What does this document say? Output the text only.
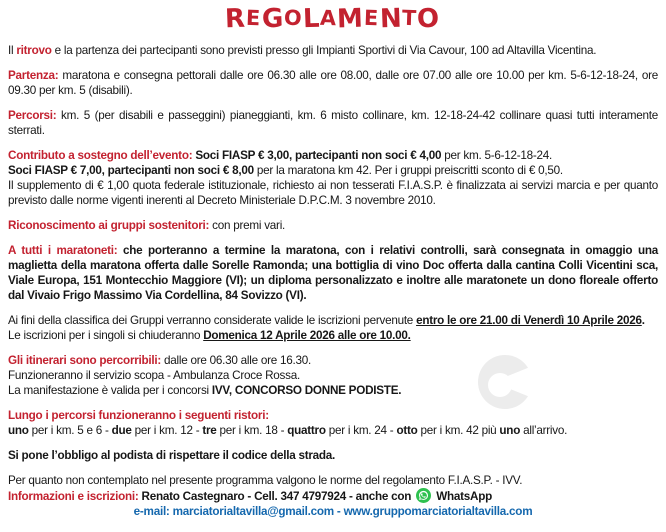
REGOLAMENTO

Il ritrovo e la partenza dei partecipanti sono previsti presso gli Impianti Sportivi di Via Cavour, 100 ad Altavilla Vicentina.

Partenza: maratona e consegna pettorali dalle ore 06.30 alle ore 08.00, dalle ore 07.00 alle ore 10.00 per km. 5-6-12-18-24, ore 09.30 per km. 5 (disabili).

Percorsi: km. 5 (per disabili e passeggini) pianeggianti, km. 6 misto collinare, km. 12-18-24-42 collinare quasi tutti interamente sterrati.

Contributo a sostegno dell’evento: Soci FIASP € 3,00, partecipanti non soci € 4,00 per km. 5-6-12-18-24.
Soci FIASP € 7,00, partecipanti non soci € 8,00 per la maratona km 42. Per i gruppi preiscritti sconto di € 0,50.
Il supplemento di € 1,00 quota federale istituzionale, richiesto ai non tesserati F.I.A.S.P. è finalizzata ai servizi marcia e per quanto previsto dalle norme vigenti inerenti al Decreto Ministeriale D.P.C.M. 3 novembre 2010.

Riconoscimento ai gruppi sostenitori: con premi vari.

A tutti i maratoneti: che porteranno a termine la maratona, con i relativi controlli, sarà consegnata in omaggio una maglietta della maratona offerta dalle Sorelle Ramonda; una bottiglia di vino Doc offerta dalla cantina Colli Vicentini sca, Viale Europa, 151 Montecchio Maggiore (VI); un diploma personalizzato e inoltre alle maratonete un dono floreale offerto dal Vivaio Frigo Massimo Via Cordellina, 84 Sovizzo (VI).

Ai fini della classifica dei Gruppi verranno considerate valide le iscrizioni pervenute entro le ore 21.00 di Venerdì 10 Aprile 2026.
Le iscrizioni per i singoli si chiuderanno Domenica 12 Aprile 2026 alle ore 10.00.

Gli itinerari sono percorribili: dalle ore 06.30 alle ore 16.30.
Funzioneranno il servizio scopa - Ambulanza Croce Rossa.
La manifestazione è valida per i concorsi IVV, CONCORSO DONNE PODISTE.

Lungo i percorsi funzioneranno i seguenti ristori:
uno per i km. 5 e 6 - due per i km. 12 - tre per i km. 18 - quattro per i km. 24 - otto per i km. 42 più uno all’arrivo.

Si pone l’obbligo al podista di rispettare il codice della strada.

Per quanto non contemplato nel presente programma valgono le norme del regolamento F.I.A.S.P. - IVV.
Informazioni e iscrizioni: Renato Castegnaro - Cell. 347 4797924 - anche con  WhatsApp

e-mail: marciatorialtavilla@gmail.com - www.gruppomarciatorialtavilla.com
